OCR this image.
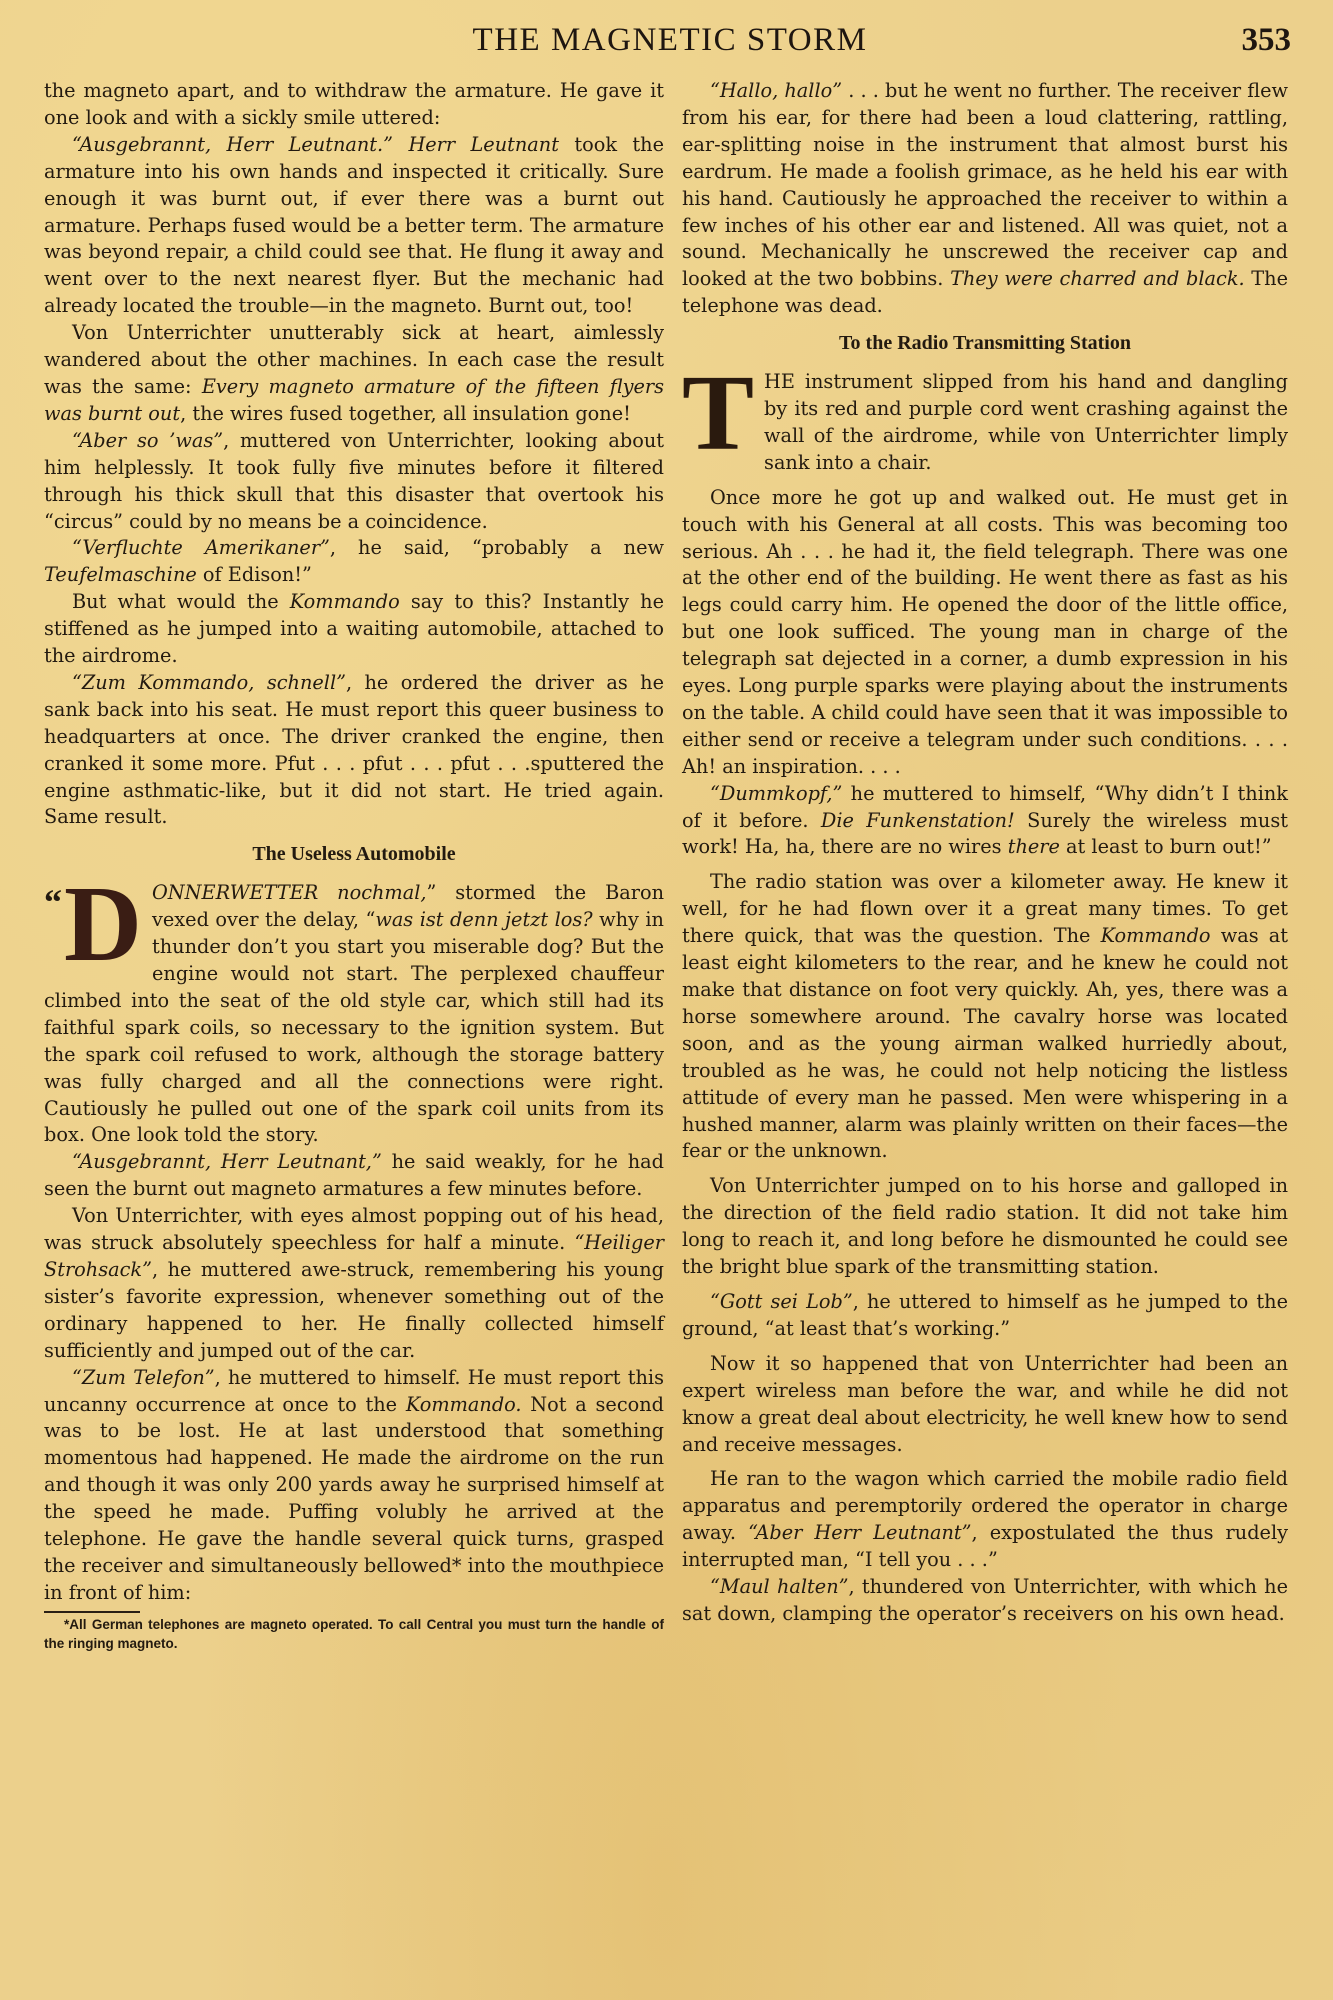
THE MAGNETIC STORM	353

the magneto apart, and to withdraw the armature. He gave it one look and with a sickly smile uttered:

“Ausgebrannt, Herr Leutnant.” Herr Leutnant took the armature into his own hands and inspected it critically. Sure enough it was burnt out, if ever there was a burnt out armature. Perhaps fused would be a better term. The armature was beyond repair, a child could see that. He flung it away and went over to the next nearest flyer. But the mechanic had already located the trouble—in the magneto. Burnt out, too!

Von Unterrichter unutterably sick at heart, aimlessly wandered about the other machines. In each case the result was the same: Every magneto armature of the fifteen flyers was burnt out, the wires fused together, all insulation gone!

“Aber so ’was”, muttered von Unterrichter, looking about him helplessly. It took fully five minutes before it filtered through his thick skull that this disaster that overtook his “circus” could by no means be a coincidence.

“Verfluchte Amerikaner”, he said, “probably a new Teufelmaschine of Edison!”

But what would the Kommando say to this? Instantly he stiffened as he jumped into a waiting automobile, attached to the airdrome.

“Zum Kommando, schnell”, he ordered the driver as he sank back into his seat. He must report this queer business to headquarters at once. The driver cranked the engine, then cranked it some more. Pfut . . . pfut . . . pfut . . .sputtered the engine asthmatic-like, but it did not start. He tried again. Same result.

The Useless Automobile

“ D ONNERWETTER nochmal,” stormed the Baron vexed over the delay, “was ist denn jetzt los? why in thunder don’t you start you miserable dog? But the engine would not start. The perplexed chauffeur climbed into the seat of the old style car, which still had its faithful spark coils, so necessary to the ignition system. But the spark coil refused to work, although the storage battery was fully charged and all the connections were right. Cautiously he pulled out one of the spark coil units from its box. One look told the story.

“Ausgebrannt, Herr Leutnant,” he said weakly, for he had seen the burnt out magneto armatures a few minutes before.

Von Unterrichter, with eyes almost popping out of his head, was struck absolutely speechless for half a minute. “Heiliger Strohsack”, he muttered awe-struck, remembering his young sister’s favorite expression, whenever something out of the ordinary happened to her. He finally collected himself sufficiently and jumped out of the car.

“Zum Telefon”, he muttered to himself. He must report this uncanny occurrence at once to the Kommando. Not a second was to be lost. He at last understood that something momentous had happened. He made the airdrome on the run and though it was only 200 yards away he surprised himself at the speed he made. Puffing volubly he arrived at the telephone. He gave the handle several quick turns, grasped the receiver and simultaneously bellowed* into the mouthpiece in front of him:

*All German telephones are magneto operated. To call Central you must turn the handle of the ringing magneto.

“Hallo, hallo” . . . but he went no further. The receiver flew from his ear, for there had been a loud clattering, rattling, ear-splitting noise in the instrument that almost burst his eardrum. He made a foolish grimace, as he held his ear with his hand. Cautiously he approached the receiver to within a few inches of his other ear and listened. All was quiet, not a sound. Mechanically he unscrewed the receiver cap and looked at the two bobbins. They were charred and black. The telephone was dead.

To the Radio Transmitting Station

THE instrument slipped from his hand and dangling by its red and purple cord went crashing against the wall of the airdrome, while von Unterrichter limply sank into a chair.

Once more he got up and walked out. He must get in touch with his General at all costs. This was becoming too serious. Ah . . . he had it, the field telegraph. There was one at the other end of the building. He went there as fast as his legs could carry him. He opened the door of the little office, but one look sufficed. The young man in charge of the telegraph sat dejected in a corner, a dumb expression in his eyes. Long purple sparks were playing about the instruments on the table. A child could have seen that it was impossible to either send or receive a telegram under such conditions. . . . Ah! an inspiration. . . .

“Dummkopf,” he muttered to himself, “Why didn’t I think of it before. Die Funkenstation! Surely the wireless must work! Ha, ha, there are no wires there at least to burn out!”

The radio station was over a kilometer away. He knew it well, for he had flown over it a great many times. To get there quick, that was the question. The Kommando was at least eight kilometers to the rear, and he knew he could not make that distance on foot very quickly. Ah, yes, there was a horse somewhere around. The cavalry horse was located soon, and as the young airman walked hurriedly about, troubled as he was, he could not help noticing the listless attitude of every man he passed. Men were whispering in a hushed manner, alarm was plainly written on their faces—the fear or the unknown.

Von Unterrichter jumped on to his horse and galloped in the direction of the field radio station. It did not take him long to reach it, and long before he dismounted he could see the bright blue spark of the transmitting station.

“Gott sei Lob”, he uttered to himself as he jumped to the ground, “at least that’s working.”

Now it so happened that von Unterrichter had been an expert wireless man before the war, and while he did not know a great deal about electricity, he well knew how to send and receive messages.

He ran to the wagon which carried the mobile radio field apparatus and peremptorily ordered the operator in charge away. “Aber Herr Leutnant”, expostulated the thus rudely interrupted man, “I tell you . . .”

“Maul halten”, thundered von Unterrichter, with which he sat down, clamping the operator’s receivers on his own head.
